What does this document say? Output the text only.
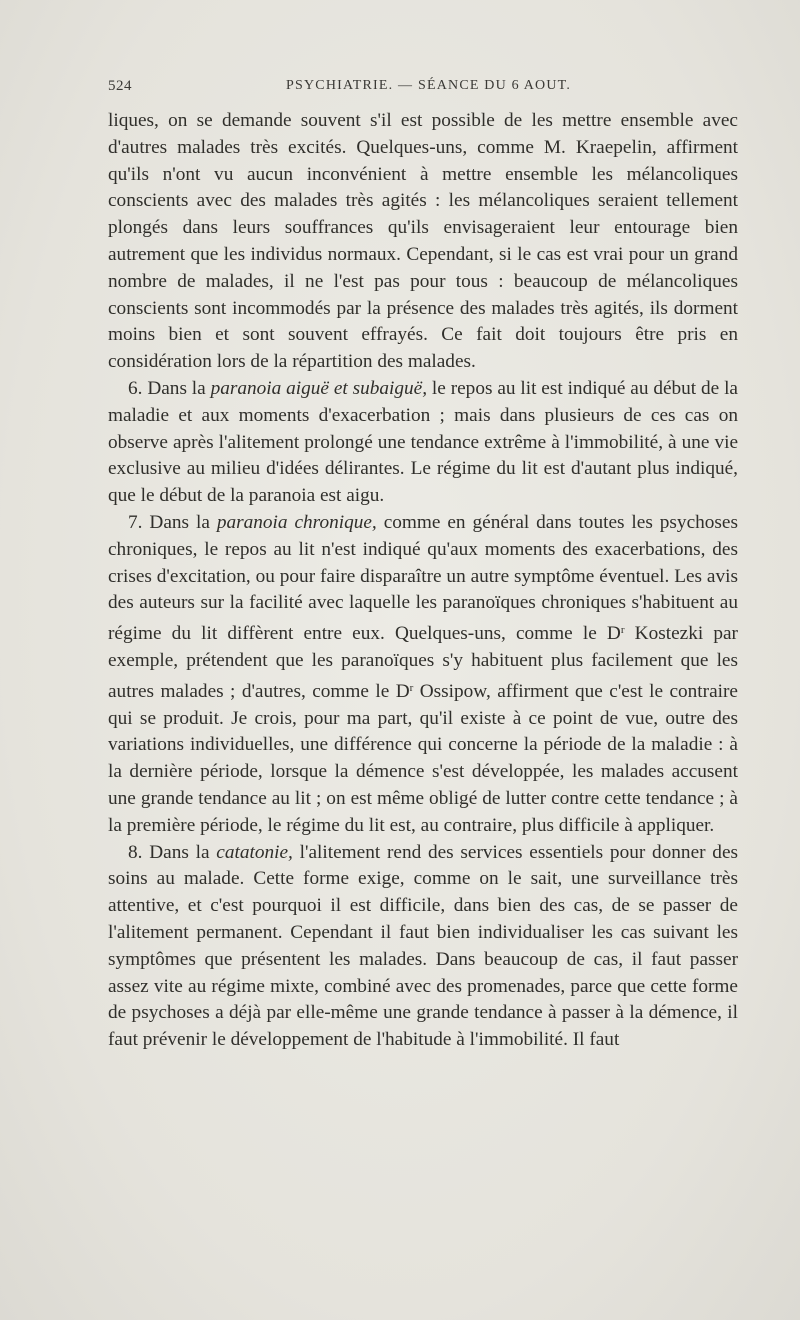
524	PSYCHIATRIE. — SÉANCE DU 6 AOUT.

liques, on se demande souvent s'il est possible de les mettre ensemble avec d'autres malades très excités. Quelques-uns, comme M. Kraepelin, affirment qu'ils n'ont vu aucun inconvénient à mettre ensemble les mélancoliques conscients avec des malades très agités : les mélancoliques seraient tellement plongés dans leurs souffrances qu'ils envisageraient leur entourage bien autrement que les individus normaux. Cependant, si le cas est vrai pour un grand nombre de malades, il ne l'est pas pour tous : beaucoup de mélancoliques conscients sont incommodés par la présence des malades très agités, ils dorment moins bien et sont souvent effrayés. Ce fait doit toujours être pris en considération lors de la répartition des malades.

6. Dans la paranoia aiguë et subaiguë, le repos au lit est indiqué au début de la maladie et aux moments d'exacerbation ; mais dans plusieurs de ces cas on observe après l'alitement prolongé une tendance extrême à l'immobilité, à une vie exclusive au milieu d'idées délirantes. Le régime du lit est d'autant plus indiqué, que le début de la paranoia est aigu.

7. Dans la paranoia chronique, comme en général dans toutes les psychoses chroniques, le repos au lit n'est indiqué qu'aux moments des exacerbations, des crises d'excitation, ou pour faire disparaître un autre symptôme éventuel. Les avis des auteurs sur la facilité avec laquelle les paranoïques chroniques s'habituent au régime du lit diffèrent entre eux. Quelques-uns, comme le $D^r$ Kostezki par exemple, prétendent que les paranoïques s'y habituent plus facilement que les autres malades ; d'autres, comme le $D^r$ Ossipow, affirment que c'est le contraire qui se produit. Je crois, pour ma part, qu'il existe à ce point de vue, outre des variations individuelles, une différence qui concerne la période de la maladie : à la dernière période, lorsque la démence s'est développée, les malades accusent une grande tendance au lit ; on est même obligé de lutter contre cette tendance ; à la première période, le régime du lit est, au contraire, plus difficile à appliquer.

8. Dans la catatonie, l'alitement rend des services essentiels pour donner des soins au malade. Cette forme exige, comme on le sait, une surveillance très attentive, et c'est pourquoi il est difficile, dans bien des cas, de se passer de l'alitement permanent. Cependant il faut bien individualiser les cas suivant les symptômes que présentent les malades. Dans beaucoup de cas, il faut passer assez vite au régime mixte, combiné avec des promenades, parce que cette forme de psychoses a déjà par elle-même une grande tendance à passer à la démence, il faut prévenir le développement de l'habitude à l'immobilité. Il faut
